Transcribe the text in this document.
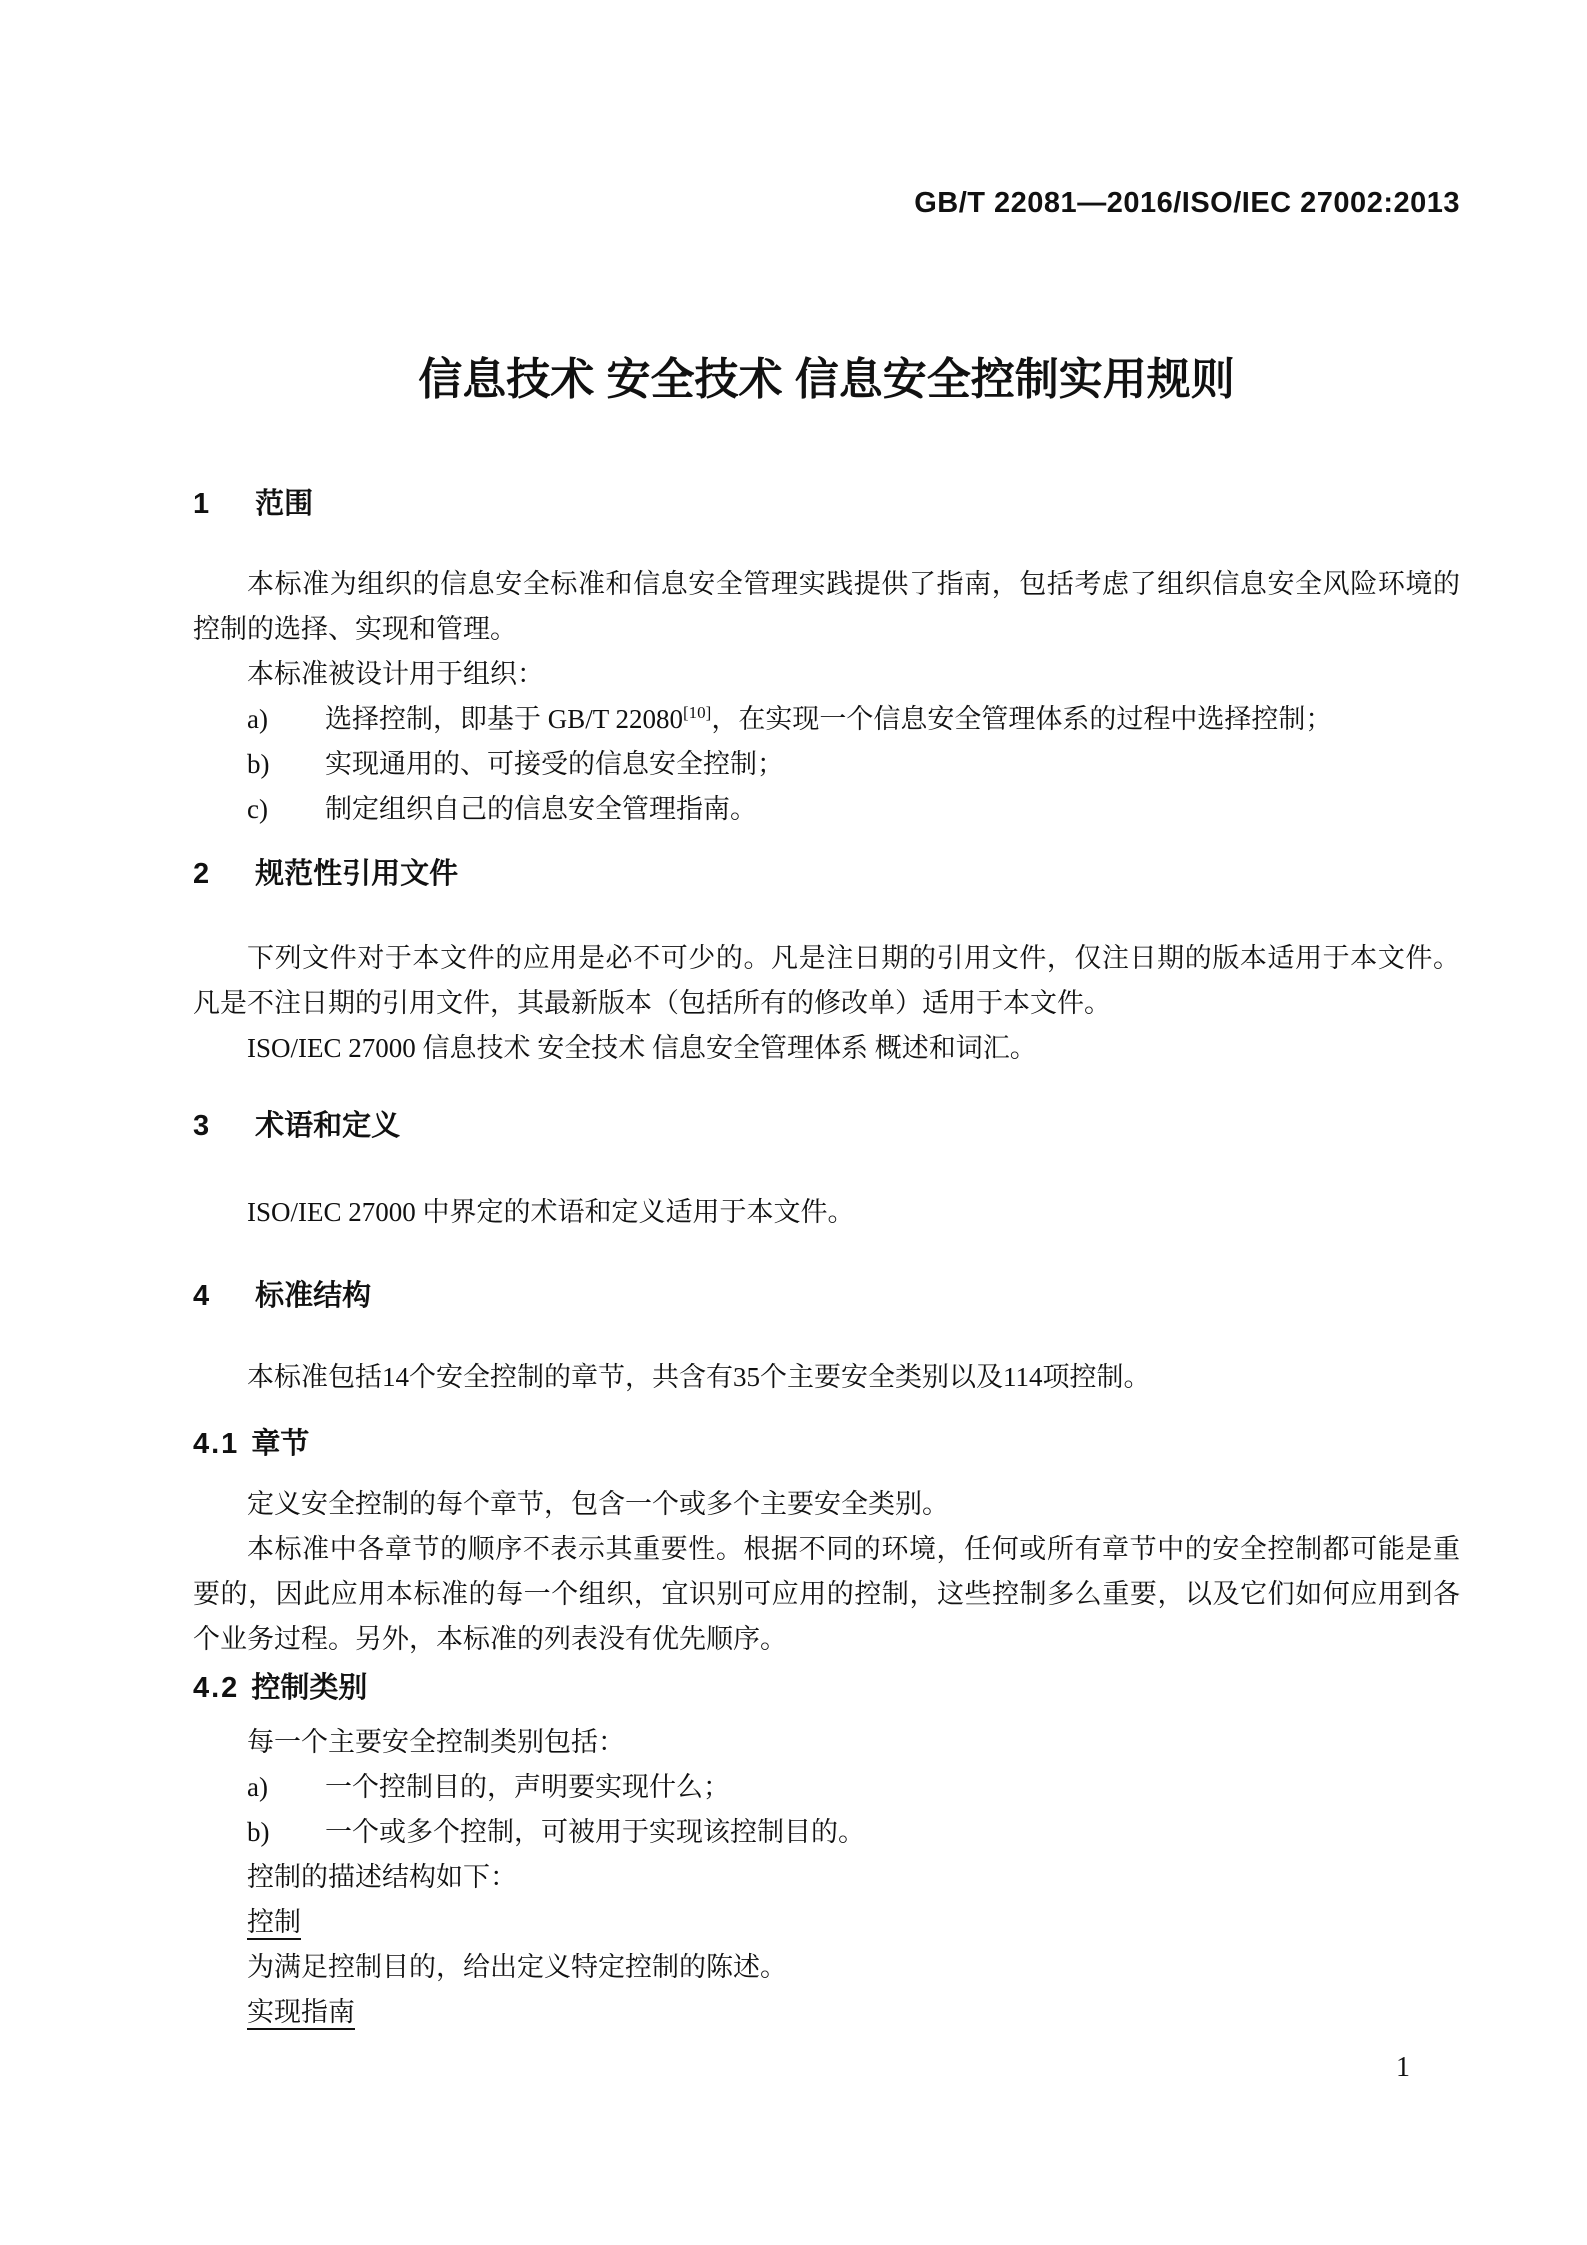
GB/T 22081—2016/ISO/IEC 27002:2013
信息技术 安全技术 信息安全控制实用规则
1 范围

本标准为组织的信息安全标准和信息安全管理实践提供了指南，包括考虑了组织信息安全风险环境的控制的选择、实现和管理。

本标准被设计用于组织：

a)	选择控制，即基于 GB/T 22080[10]，在实现一个信息安全管理体系的过程中选择控制；
b)	实现通用的、可接受的信息安全控制；
c)	制定组织自己的信息安全管理指南。
2 规范性引用文件

下列文件对于本文件的应用是必不可少的。凡是注日期的引用文件，仅注日期的版本适用于本文件。凡是不注日期的引用文件，其最新版本（包括所有的修改单）适用于本文件。

ISO/IEC 27000 信息技术 安全技术 信息安全管理体系 概述和词汇。

3 术语和定义

ISO/IEC 27000 中界定的术语和定义适用于本文件。

4 标准结构

本标准包括14个安全控制的章节，共含有35个主要安全类别以及114项控制。

4.1 章节

定义安全控制的每个章节，包含一个或多个主要安全类别。

本标准中各章节的顺序不表示其重要性。根据不同的环境，任何或所有章节中的安全控制都可能是重要的，因此应用本标准的每一个组织，宜识别可应用的控制，这些控制多么重要，以及它们如何应用到各个业务过程。另外，本标准的列表没有优先顺序。

4.2 控制类别

每一个主要安全控制类别包括：

a)	一个控制目的，声明要实现什么；
b)	一个或多个控制，可被用于实现该控制目的。

控制的描述结构如下：

控制

为满足控制目的，给出定义特定控制的陈述。

实现指南
1
